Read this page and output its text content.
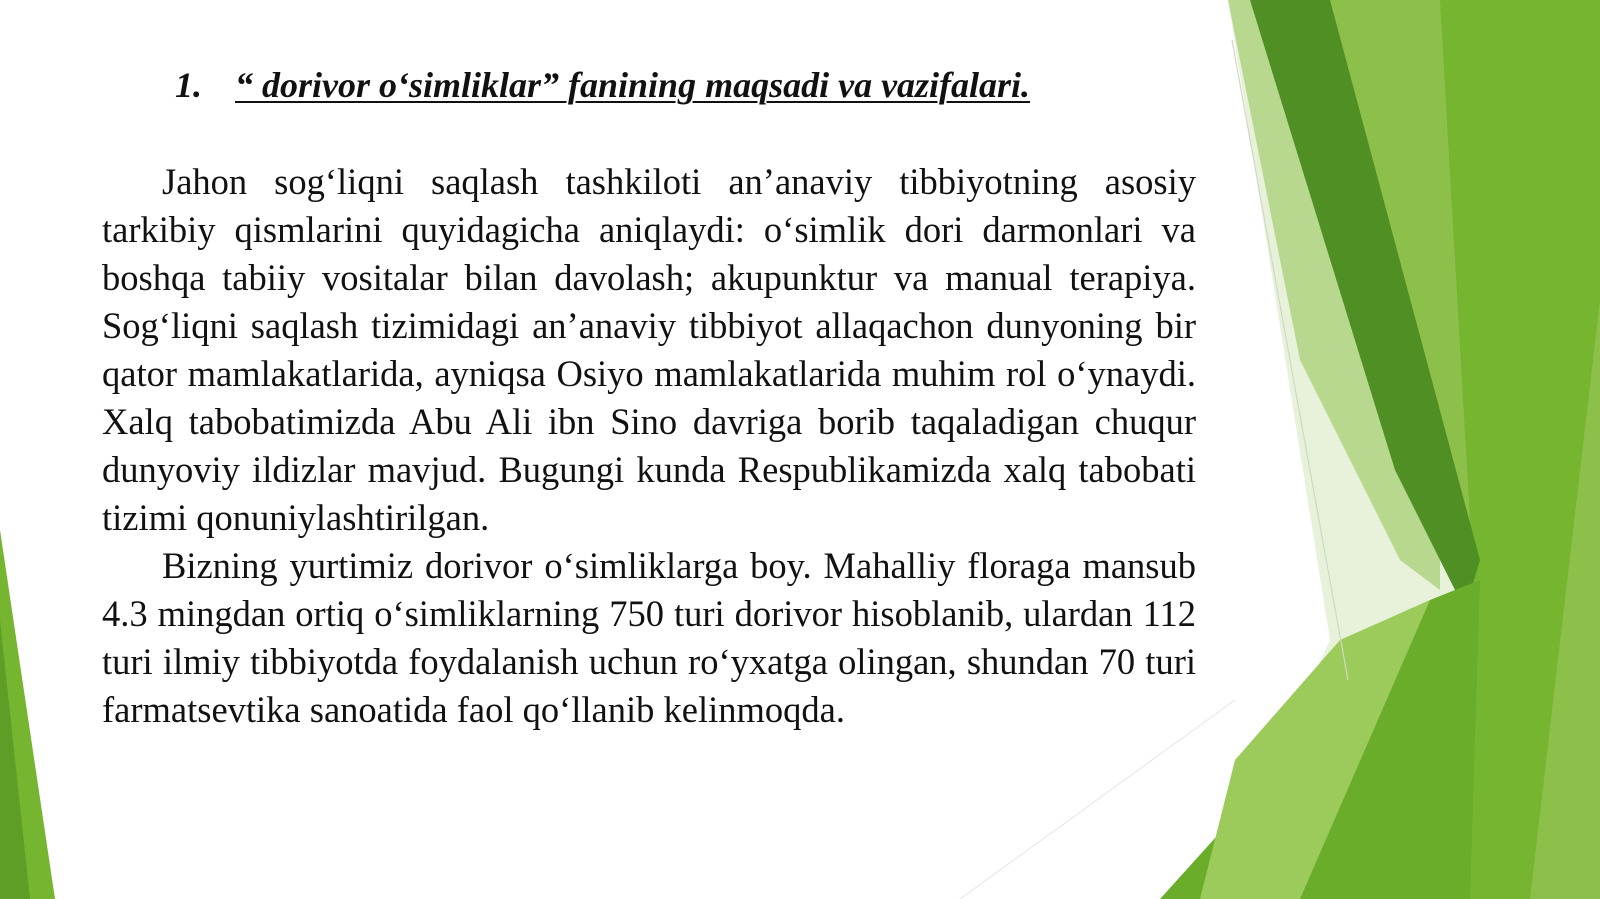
1. “ dorivor o‘simliklar” fanining maqsadi va vazifalari.

Jahon sog‘liqni saqlash tashkiloti an’anaviy tibbiyotning asosiy tarkibiy qismlarini quyidagicha aniqlaydi: o‘simlik dori darmonlari va boshqa tabiiy vositalar bilan davolash; akupunktur va manual terapiya. Sog‘liqni saqlash tizimidagi an’anaviy tibbiyot allaqachon dunyoning bir qator mamlakatlarida, ayniqsa Osiyo mamlakatlarida muhim rol o‘ynaydi. Xalq tabobatimizda Abu Ali ibn Sino davriga borib taqaladigan chuqur dunyoviy ildizlar mavjud. Bugungi kunda Respublikamizda xalq tabobati tizimi qonuniylashtirilgan.

Bizning yurtimiz dorivor o‘simliklarga boy. Mahalliy floraga mansub 4.3 mingdan ortiq o‘simliklarning 750 turi dorivor hisoblanib, ulardan 112 turi ilmiy tibbiyotda foydalanish uchun ro‘yxatga olingan, shundan 70 turi farmatsevtika sanoatida faol qo‘llanib kelinmoqda.
